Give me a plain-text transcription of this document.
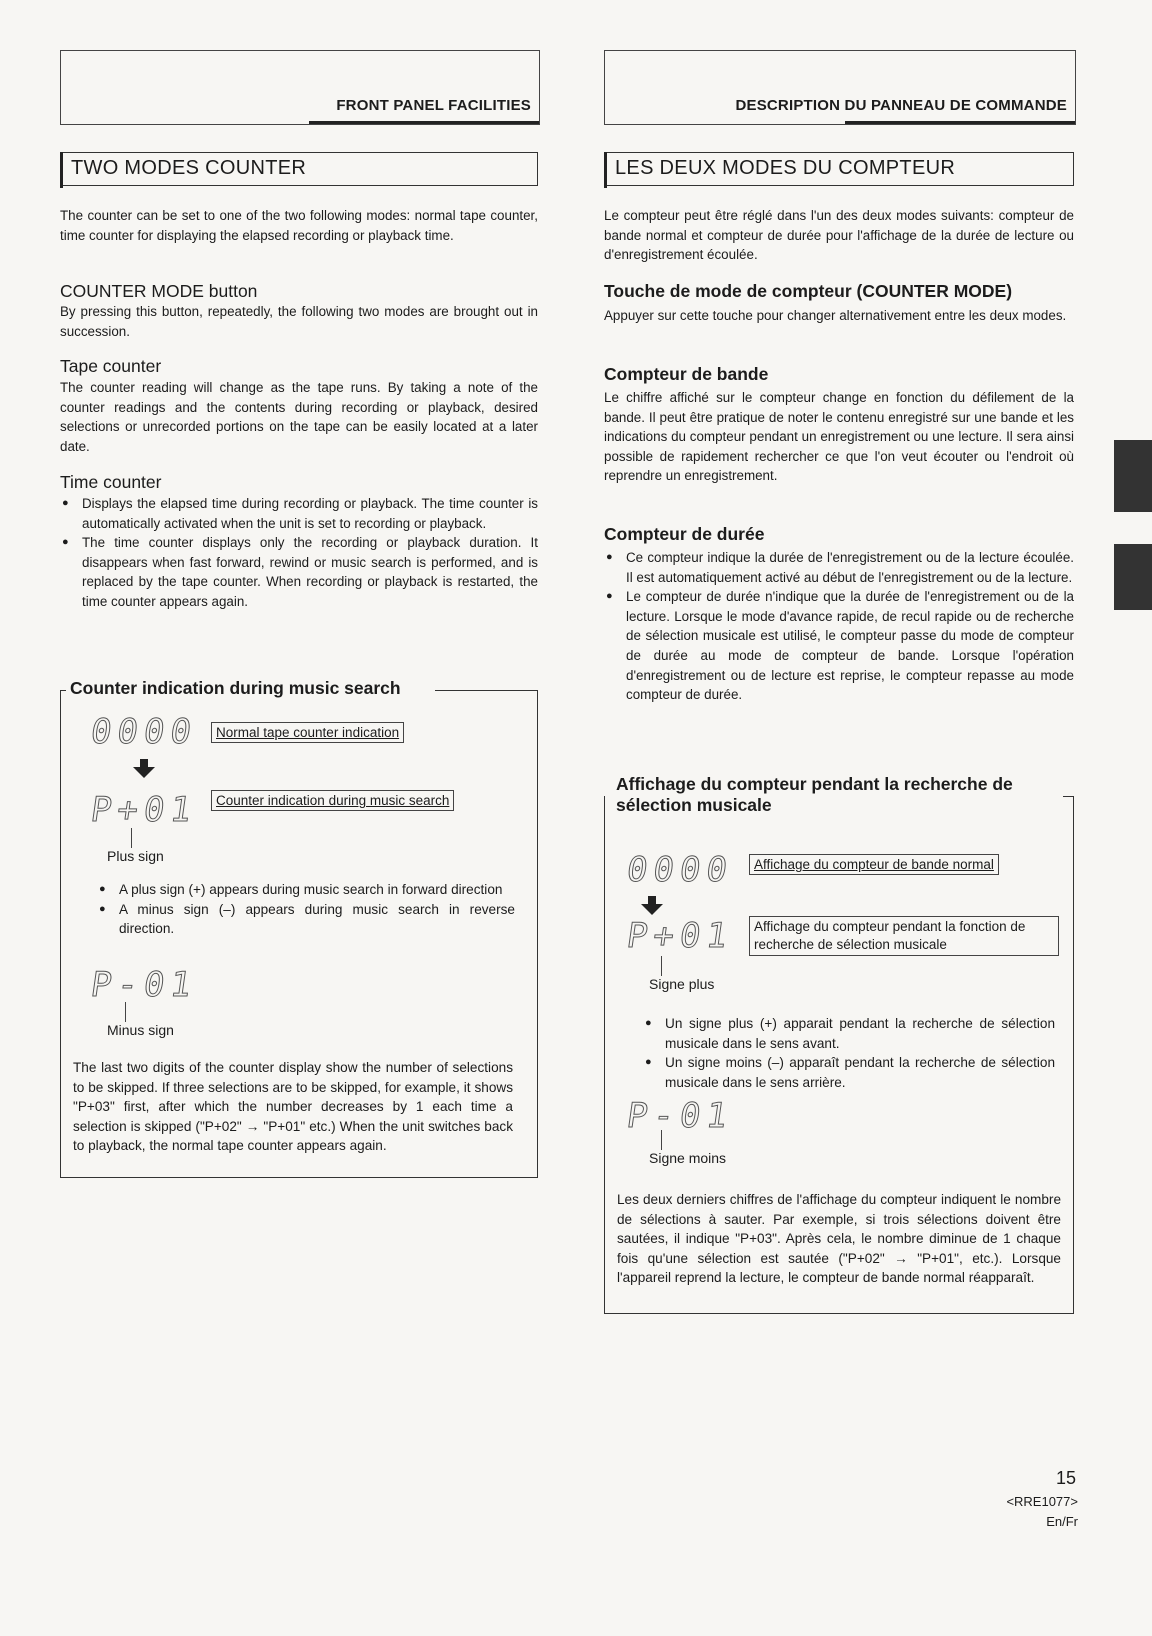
FRONT PANEL FACILITIES
TWO MODES COUNTER
The counter can be set to one of the two following modes: normal tape counter, time counter for displaying the elapsed recording or playback time.
COUNTER MODE button
By pressing this button, repeatedly, the following two modes are brought out in succession.
Tape counter
The counter reading will change as the tape runs. By taking a note of the counter readings and the contents during recording or playback, desired selections or unrecorded portions on the tape can be easily located at a later date.
Time counter
● Displays the elapsed time during recording or playback. The time counter is automatically activated when the unit is set to recording or playback.
● The time counter displays only the recording or playback duration. It disappears when fast forward, rewind or music search is performed, and is replaced by the tape counter. When recording or playback is restarted, the time counter appears again.
0000	Normal tape counter indication
P+01	Counter indication during music search
Plus sign
● A plus sign (+) appears during music search in forward direction
● A minus sign (–) appears during music search in reverse direction.
P-01
Minus sign
The last two digits of the counter display show the number of selections to be skipped. If three selections are to be skipped, for example, it shows "P+03" first, after which the number decreases by 1 each time a selection is skipped ("P+02" → "P+01" etc.) When the unit switches back to playback, the normal tape counter appears again.
Counter indication during music search
DESCRIPTION DU PANNEAU DE COMMANDE
LES DEUX MODES DU COMPTEUR
Le compteur peut être réglé dans l'un des deux modes suivants: compteur de bande normal et compteur de durée pour l'affichage de la durée de lecture ou d'enregistrement écoulée.
Touche de mode de compteur (COUNTER MODE)
Appuyer sur cette touche pour changer alternativement entre les deux modes.
Compteur de bande
Le chiffre affiché sur le compteur change en fonction du défilement de la bande. Il peut être pratique de noter le contenu enregistré sur une bande et les indications du compteur pendant un enregistrement ou une lecture. Il sera ainsi possible de rapidement rechercher ce que l'on veut écouter ou l'endroit où reprendre un enregistrement.
Compteur de durée
● Ce compteur indique la durée de l'enregistrement ou de la lecture écoulée. Il est automatiquement activé au début de l'enregistrement ou de la lecture.
● Le compteur de durée n'indique que la durée de l'enregistrement ou de la lecture. Lorsque le mode d'avance rapide, de recul rapide ou de recherche de sélection musicale est utilisé, le compteur passe du mode de compteur de durée au mode de compteur de bande. Lorsque l'opération d'enregistrement ou de lecture est reprise, le compteur repasse au mode compteur de durée.
0000	Affichage du compteur de bande normal
P+01	Affichage du compteur pendant la fonction de recherche de sélection musicale
Signe plus
● Un signe plus (+) apparait pendant la recherche de sélection musicale dans le sens avant.
● Un signe moins (–) apparaît pendant la recherche de sélection musicale dans le sens arrière.
P-01
Signe moins
Les deux derniers chiffres de l'affichage du compteur indiquent le nombre de sélections à sauter. Par exemple, si trois sélections doivent être sautées, il indique "P+03". Après cela, le nombre diminue de 1 chaque fois qu'une sélection est sautée ("P+02" → "P+01", etc.). Lorsque l'appareil reprend la lecture, le compteur de bande normal réapparaît.
Affichage du compteur pendant la recherche de
sélection musicale
15
<RRE1077>
En/Fr
